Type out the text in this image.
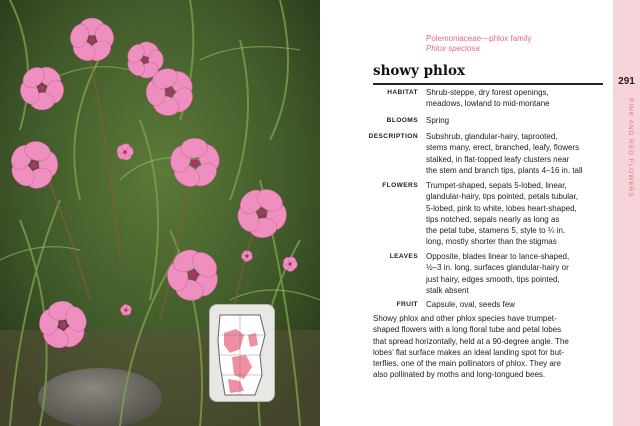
291
PINK AND RED FLOWERS
Polemoniaceae—phlox family
Phlox speciosa
showy phlox
HABITAT Shrub-steppe, dry forest openings,
meadows, lowland to mid-montane
BLOOMS Spring
DESCRIPTION Subshrub, glandular-hairy, taprooted,
stems many, erect, branched, leafy, flowers
stalked, in flat-topped leafy clusters near
the stem and branch tips, plants 4–16 in. tall
FLOWERS Trumpet-shaped, sepals 5-lobed, linear,
glandular-hairy, tips pointed, petals tubular,
5-lobed, pink to white, lobes heart-shaped,
tips notched, sepals nearly as long as
the petal tube, stamens 5, style to ¼ in.
long, mostly shorter than the stigmas
LEAVES Opposite, blades linear to lance-shaped,
½–3 in. long, surfaces glandular-hairy or
just hairy, edges smooth, tips pointed,
stalk absent
FRUIT Capsule, oval, seeds few
Showy phlox and other phlox species have trumpet-
shaped flowers with a long floral tube and petal lobes
that spread horizontally, held at a 90-degree angle. The
lobes’ flat surface makes an ideal landing spot for but-
terflies, one of the main pollinators of phlox. They are
also pollinated by moths and long-tongued bees.
